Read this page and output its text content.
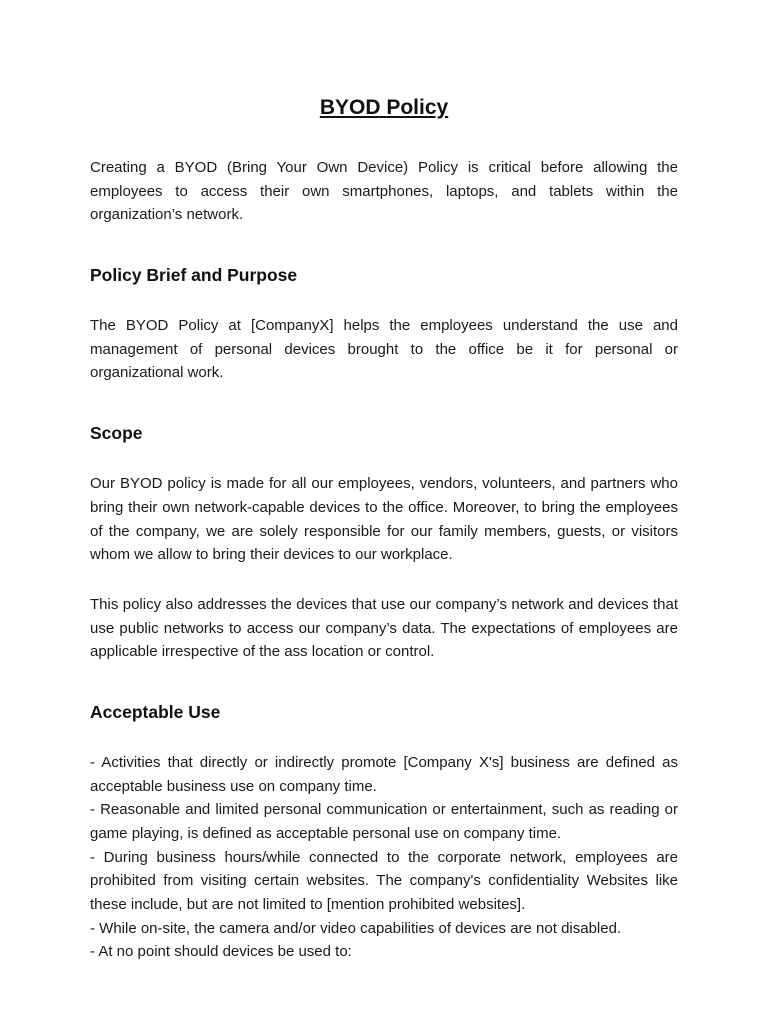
BYOD Policy

Creating a BYOD (Bring Your Own Device) Policy is critical before allowing the employees to access their own smartphones, laptops, and tablets within the organization’s network.

Policy Brief and Purpose

The BYOD Policy at [CompanyX] helps the employees understand the use and management of personal devices brought to the office be it for personal or organizational work.

Scope

Our BYOD policy is made for all our employees, vendors, volunteers, and partners who bring their own network-capable devices to the office. Moreover, to bring the employees of the company, we are solely responsible for our family members, guests, or visitors whom we allow to bring their devices to our workplace.

This policy also addresses the devices that use our company’s network and devices that use public networks to access our company’s data. The expectations of employees are applicable irrespective of the ass location or control.

Acceptable Use

- Activities that directly or indirectly promote [Company X's] business are defined as acceptable business use on company time.

- Reasonable and limited personal communication or entertainment, such as reading or game playing, is defined as acceptable personal use on company time.

- During business hours/while connected to the corporate network, employees are prohibited from visiting certain websites. The company's confidentiality Websites like these include, but are not limited to [mention prohibited websites].

- While on-site, the camera and/or video capabilities of devices are not disabled.

- At no point should devices be used to:
